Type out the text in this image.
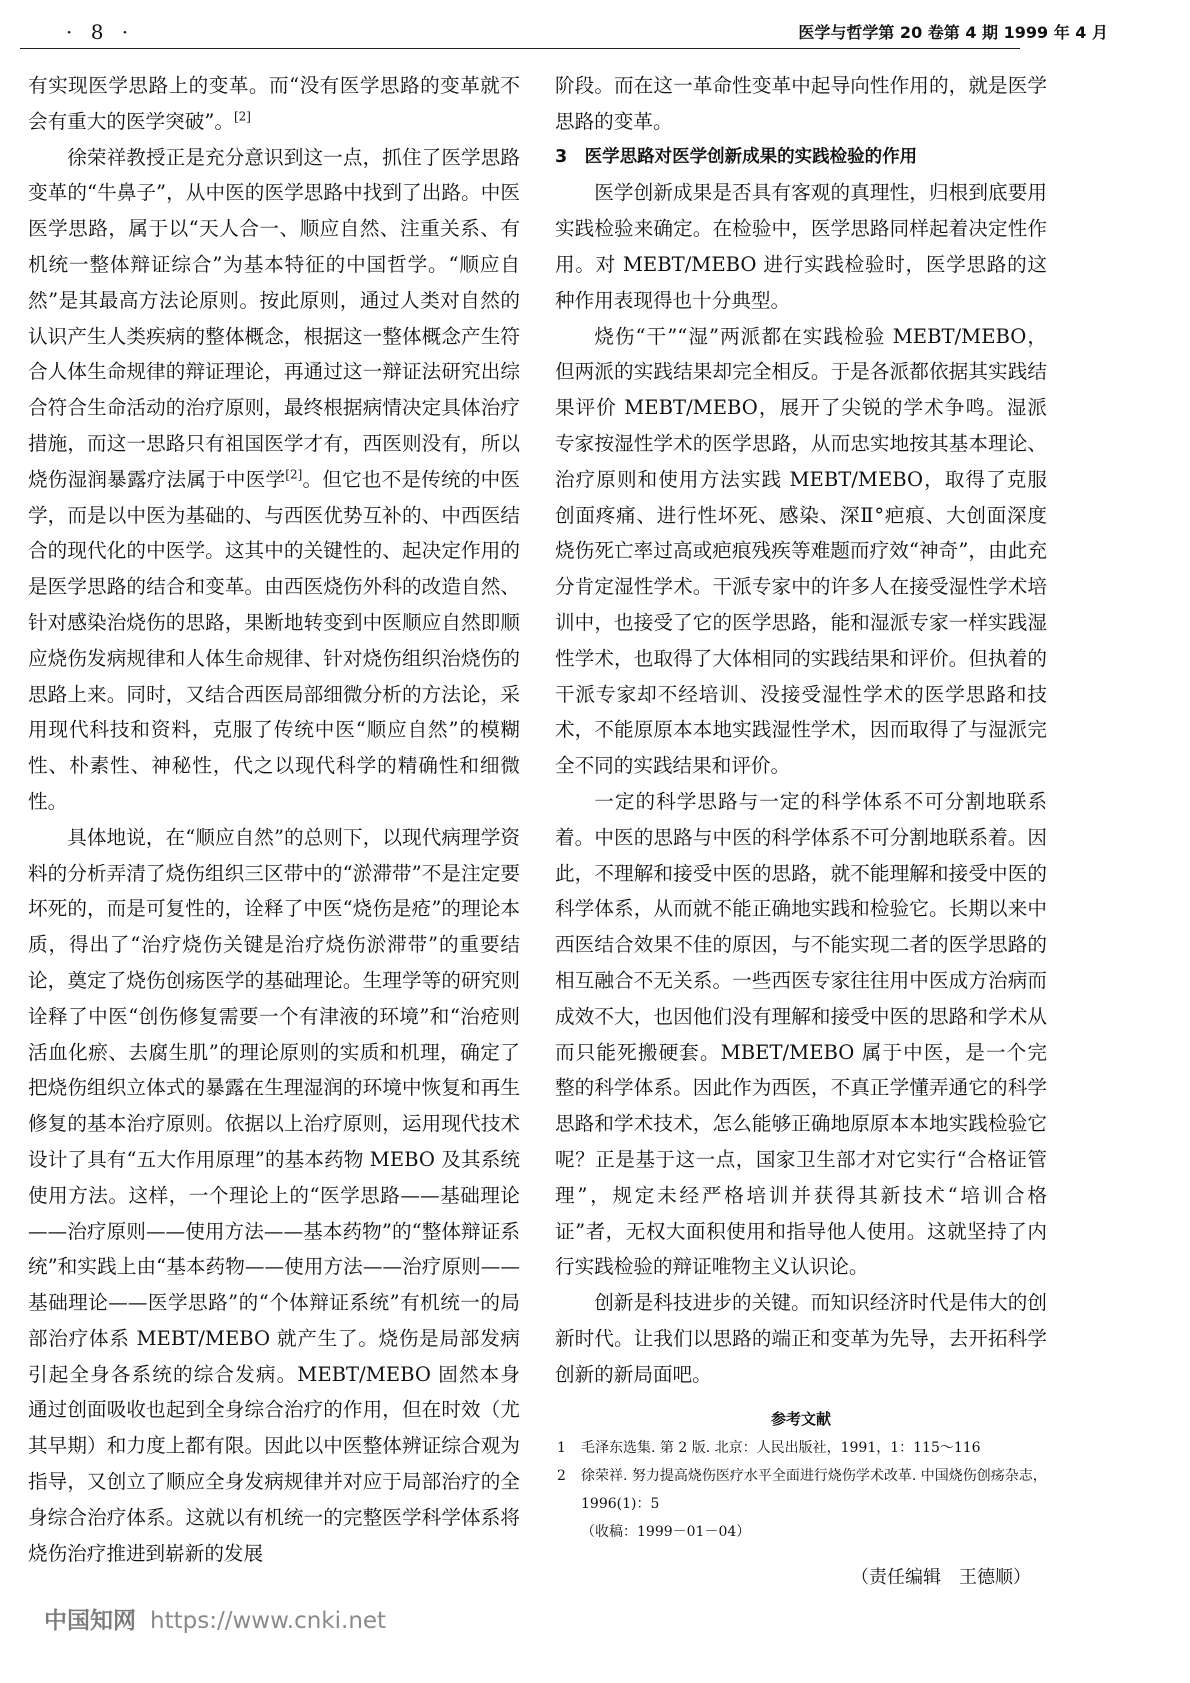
· 8 ·	医学与哲学第 20 卷第 4 期 1999 年 4 月

有实现医学思路上的变革。而“没有医学思路的变革就不会有重大的医学突破”。[2]

徐荣祥教授正是充分意识到这一点，抓住了医学思路变革的“牛鼻子”，从中医的医学思路中找到了出路。中医医学思路，属于以“天人合一、顺应自然、注重关系、有机统一整体辩证综合”为基本特征的中国哲学。“顺应自然”是其最高方法论原则。按此原则，通过人类对自然的认识产生人类疾病的整体概念，根据这一整体概念产生符合人体生命规律的辩证理论，再通过这一辩证法研究出综合符合生命活动的治疗原则，最终根据病情决定具体治疗措施，而这一思路只有祖国医学才有，西医则没有，所以烧伤湿润暴露疗法属于中医学[2]。但它也不是传统的中医学，而是以中医为基础的、与西医优势互补的、中西医结合的现代化的中医学。这其中的关键性的、起决定作用的是医学思路的结合和变革。由西医烧伤外科的改造自然、针对感染治烧伤的思路，果断地转变到中医顺应自然即顺应烧伤发病规律和人体生命规律、针对烧伤组织治烧伤的思路上来。同时，又结合西医局部细微分析的方法论，采用现代科技和资料，克服了传统中医“顺应自然”的模糊性、朴素性、神秘性，代之以现代科学的精确性和细微性。

具体地说，在“顺应自然”的总则下，以现代病理学资料的分析弄清了烧伤组织三区带中的“淤滞带”不是注定要坏死的，而是可复性的，诠释了中医“烧伤是疮”的理论本质，得出了“治疗烧伤关键是治疗烧伤淤滞带”的重要结论，奠定了烧伤创疡医学的基础理论。生理学等的研究则诠释了中医“创伤修复需要一个有津液的环境”和“治疮则活血化瘀、去腐生肌”的理论原则的实质和机理，确定了把烧伤组织立体式的暴露在生理湿润的环境中恢复和再生修复的基本治疗原则。依据以上治疗原则，运用现代技术设计了具有“五大作用原理”的基本药物 MEBO 及其系统使用方法。这样，一个理论上的“医学思路——基础理论——治疗原则——使用方法——基本药物”的“整体辩证系统”和实践上由“基本药物——使用方法——治疗原则——基础理论——医学思路”的“个体辩证系统”有机统一的局部治疗体系 MEBT/MEBO 就产生了。烧伤是局部发病引起全身各系统的综合发病。MEBT/MEBO 固然本身通过创面吸收也起到全身综合治疗的作用，但在时效（尤其早期）和力度上都有限。因此以中医整体辨证综合观为指导，又创立了顺应全身发病规律并对应于局部治疗的全身综合治疗体系。这就以有机统一的完整医学科学体系将烧伤治疗推进到崭新的发展

阶段。而在这一革命性变革中起导向性作用的，就是医学思路的变革。

3　医学思路对医学创新成果的实践检验的作用

医学创新成果是否具有客观的真理性，归根到底要用实践检验来确定。在检验中，医学思路同样起着决定性作用。对 MEBT/MEBO 进行实践检验时，医学思路的这种作用表现得也十分典型。

烧伤“干”“湿”两派都在实践检验 MEBT/MEBO，但两派的实践结果却完全相反。于是各派都依据其实践结果评价 MEBT/MEBO，展开了尖锐的学术争鸣。湿派专家按湿性学术的医学思路，从而忠实地按其基本理论、治疗原则和使用方法实践 MEBT/MEBO，取得了克服创面疼痛、进行性坏死、感染、深Ⅱ°疤痕、大创面深度烧伤死亡率过高或疤痕残疾等难题而疗效“神奇”，由此充分肯定湿性学术。干派专家中的许多人在接受湿性学术培训中，也接受了它的医学思路，能和湿派专家一样实践湿性学术，也取得了大体相同的实践结果和评价。但执着的干派专家却不经培训、没接受湿性学术的医学思路和技术，不能原原本本地实践湿性学术，因而取得了与湿派完全不同的实践结果和评价。

一定的科学思路与一定的科学体系不可分割地联系着。中医的思路与中医的科学体系不可分割地联系着。因此，不理解和接受中医的思路，就不能理解和接受中医的科学体系，从而就不能正确地实践和检验它。长期以来中西医结合效果不佳的原因，与不能实现二者的医学思路的相互融合不无关系。一些西医专家往往用中医成方治病而成效不大，也因他们没有理解和接受中医的思路和学术从而只能死搬硬套。MBET/MEBO 属于中医，是一个完整的科学体系。因此作为西医，不真正学懂弄通它的科学思路和学术技术，怎么能够正确地原原本本地实践检验它呢？正是基于这一点，国家卫生部才对它实行“合格证管理”，规定未经严格培训并获得其新技术“培训合格证”者，无权大面积使用和指导他人使用。这就坚持了内行实践检验的辩证唯物主义认识论。

创新是科技进步的关键。而知识经济时代是伟大的创新时代。让我们以思路的端正和变革为先导，去开拓科学创新的新局面吧。

参考文献
1 毛泽东选集. 第 2 版. 北京：人民出版社，1991，1：115～116
2 徐荣祥. 努力提高烧伤医疗水平全面进行烧伤学术改革. 中国烧伤创疡杂志，1996(1)：5
（收稿：1999－01－04）
（责任编辑　王德顺）
中国知网 https://www.cnki.net
